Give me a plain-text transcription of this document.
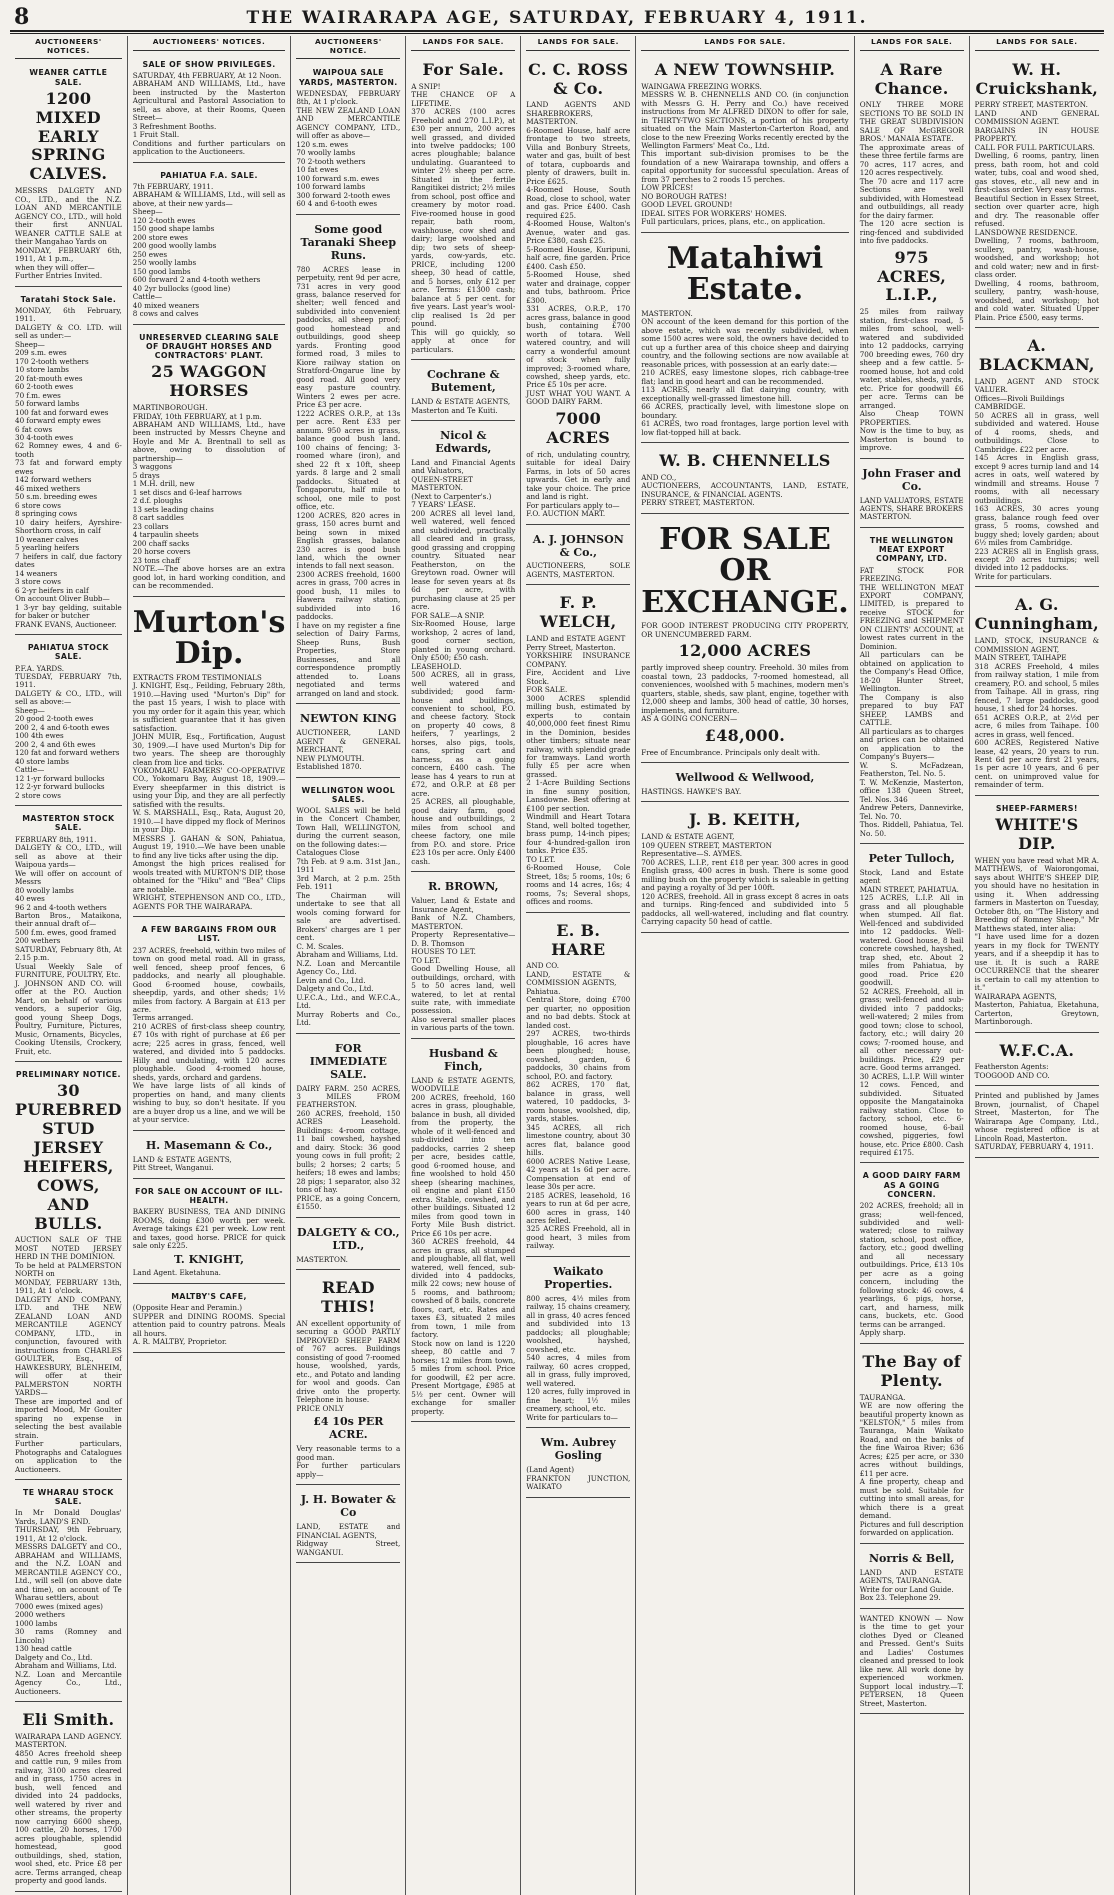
8	THE WAIRARAPA AGE, SATURDAY, FEBRUARY 4, 1911.
AUCTIONEERS' NOTICES.
WEANER CATTLE SALE.
1200 MIXED EARLY SPRING CALVES.

MESSRS DALGETY AND CO., LTD., and the N.Z. LOAN AND MERCANTILE AGENCY CO., LTD., will hold their first ANNUAL WEANER CATTLE SALE at their Mangahao Yards on

MONDAY, FEBRUARY 6th, 1911, At 1 p.m.,

when they will offer—

Further Entries Invited.

Taratahi Stock Sale.

MONDAY, 6th February, 1911.

DALGETY & CO. LTD. will sell as under:—

Sheep—

209 s.m. ewes

170 2-tooth wethers

10 store lambs

20 fat-mouth ewes

60 2-tooth ewes

70 f.m. ewes

50 forward lambs

100 fat and forward ewes

40 forward empty ewes

6 fat cows

30 4-tooth ewes

62 Romney ewes, 4 and 6-tooth

73 fat and forward empty ewes

142 forward wethers

46 mixed wethers

50 s.m. breeding ewes

6 store cows

8 springing cows

10 dairy heifers, Ayrshire-Shorthorn cross, in calf

10 weaner calves

5 yearling heifers

7 heifers in calf, due factory dates

14 weaners

3 store cows

6 2-yr heifers in calf

On account Oliver Bubb—

1 3-yr bay gelding, suitable for baker or butcher

FRANK EVANS, Auctioneer.

PAHIATUA STOCK SALE.

P.F.A. YARDS.

TUESDAY, FEBRUARY 7th, 1911.

DALGETY & CO., LTD., will sell as above:—

Sheep—

20 good 2-tooth ewes

200 2, 4 and 6-tooth ewes

100 4th ewes

200 2, 4 and 6th ewes

120 fat and forward wethers

40 store lambs

Cattle—

12 1-yr forward bullocks

12 2-yr forward bullocks

2 store cows

MASTERTON STOCK SALE.

FEBRUARY 8th, 1911.

DALGETY & CO., LTD., will sell as above at their Waipoua yards—

We will offer on account of Messrs

80 woolly lambs

40 ewes

96 2 and 4-tooth wethers

Barton Bros., Mataikona, their annual draft of—

500 f.m. ewes, good framed

200 wethers

SATURDAY, February 8th, At 2.15 p.m.

Usual Weekly Sale of FURNITURE, POULTRY, Etc.

J. JOHNSON AND CO. will offer at the P.O. Auction Mart, on behalf of various vendors, a superior Gig, good young Sheep Dogs, Poultry, Furniture, Pictures, Music, Ornaments, Bicycles, Cooking Utensils, Crockery, Fruit, etc.

PRELIMINARY NOTICE.
30 PUREBRED STUD JERSEY HEIFERS, COWS, AND BULLS.

AUCTION SALE OF THE MOST NOTED JERSEY HERD IN THE DOMINION.

To be held at PALMERSTON NORTH on

MONDAY, FEBRUARY 13th, 1911, At 1 o'clock.

DALGETY AND COMPANY, LTD. and THE NEW ZEALAND LOAN AND MERCANTILE AGENCY COMPANY, LTD., in conjunction, favoured with instructions from CHARLES GOULTER, Esq., of HAWKESBURY, BLENHEIM, will offer at their PALMERSTON NORTH YARDS—

These are imported and of imported Mood, Mr Goulter sparing no expense in selecting the best available strain.

Further particulars, Photographs and Catalogues on application to the Auctioneers.

TE WHARAU STOCK SALE.

In Mr Donald Douglas' Yards, LAND'S END.

THURSDAY, 9th February, 1911, At 12 o'clock.

MESSRS DALGETY and CO., ABRAHAM and WILLIAMS, and the N.Z. LOAN and MERCANTILE AGENCY CO., Ltd., will sell (on above date and time), on account of Te Wharau settlers, about

7000 ewes (mixed ages)

2000 wethers

1000 lambs

30 rams (Romney and Lincoln)

130 head cattle

Dalgety and Co., Ltd.

Abraham and Williams, Ltd.

N.Z. Loan and Mercantile Agency Co., Ltd., Auctioneers.

Eli Smith.

WAIRARAPA LAND AGENCY. MASTERTON.

4850 Acres freehold sheep and cattle run, 9 miles from railway, 3100 acres cleared and in grass, 1750 acres in bush, well fenced and divided into 24 paddocks, well watered by river and other streams, the property now carrying 6600 sheep, 100 cattle, 20 horses, 1700 acres ploughable, splendid homestead, good outbuildings, shed, station, wool shed, etc. Price £8 per acre. Terms arranged, cheap property and good lands.

AUCTIONEERS' NOTICES.
SALE OF SHOW PRIVILEGES.

SATURDAY, 4th FEBRUARY, At 12 Noon.

ABRAHAM AND WILLIAMS, Ltd., have been instructed by the Masterton Agricultural and Pastoral Association to sell, as above, at their Rooms, Queen Street—

3 Refreshment Booths.

1 Fruit Stall.

Conditions and further particulars on application to the Auctioneers.

PAHIATUA F.A. SALE.

7th FEBRUARY, 1911.

ABRAHAM & WILLIAMS, Ltd., will sell as above, at their new yards—

Sheep—

120 2-tooth ewes

150 good shape lambs

200 store ewes

200 good woolly lambs

250 ewes

250 woolly lambs

150 good lambs

600 forward 2 and 4-tooth wethers

40 2yr bullocks (good line)

Cattle—

40 mixed weaners

8 cows and calves

UNRESERVED CLEARING SALE OF DRAUGHT HORSES AND CONTRACTORS' PLANT.
25 WAGGON HORSES

MARTINBOROUGH.

FRIDAY, 10th FEBRUARY, at 1 p.m.

ABRAHAM AND WILLIAMS, Ltd., have been instructed by Messrs Cheyne and Hoyle and Mr A. Brentnall to sell as above, owing to dissolution of partnership—

3 waggons

5 drays

1 M.H. drill, new

1 set discs and 6-leaf harrows

2 d.f. ploughs

13 sets leading chains

8 cart saddles

23 collars

4 tarpaulin sheets

200 chaff sacks

20 horse covers

23 tons chaff

NOTE.—The above horses are an extra good lot, in hard working condition, and can be recommended.

Murton's Dip.

EXTRACTS FROM TESTIMONIALS

J. KNIGHT, Esq., Feilding, February 28th, 1910.—Having used "Murton's Dip" for the past 15 years, I wish to place with you my order for it again this year, which is sufficient guarantee that it has given satisfaction.

JOHN MUIR, Esq., Fortification, August 30, 1909.—I have used Murton's Dip for two years. The sheep are thoroughly clean from lice and ticks.

YOKOMARU FARMERS' CO-OPERATIVE CO., Yokomaru Bay, August 18, 1909.—Every sheepfarmer in this district is using your Dip, and they are all perfectly satisfied with the results.

W. S. MARSHALL, Esq., Rata, August 20, 1910.—I have dipped my flock of Merinos in your Dip.

MESSRS J. GAHAN & SON, Pahiatua, August 19, 1910.—We have been unable to find any live ticks after using the dip.

Amongst the high prices realised for wools treated with MURTON'S DIP, those obtained for the "Hiku" and "Bea" Clips are notable.

WRIGHT, STEPHENSON AND CO., LTD., AGENTS FOR THE WAIRARAPA.

A FEW BARGAINS FROM OUR LIST.

237 ACRES, freehold, within two miles of town on good metal road. All in grass, well fenced, sheep proof fences, 6 paddocks, and nearly all ploughable. Good 6-roomed house, cowbails, sheepdip, yards, and other sheds; 1½ miles from factory. A Bargain at £13 per acre.

Terms arranged.

210 ACRES of first-class sheep country, £7 10s with right of purchase at £6 per acre; 225 acres in grass, fenced, well watered, and divided into 5 paddocks. Hilly and undulating, with 120 acres ploughable. Good 4-roomed house, sheds, yards, orchard and gardens.

We have large lists of all kinds of properties on hand, and many clients wishing to buy, so don't hesitate. If you are a buyer drop us a line, and we will be at your service.

H. Masemann & Co.,

LAND & ESTATE AGENTS,

Pitt Street, Wanganui.

FOR SALE ON ACCOUNT OF ILL-HEALTH.

BAKERY BUSINESS, TEA AND DINING ROOMS, doing £300 worth per week. Average takings £21 per week. Low rent and taxes, good horse. PRICE for quick sale only £225.

T. KNIGHT,

Land Agent. Eketahuna.

MALTBY'S CAFE,

(Opposite Hear and Peramin.)

SUPPER and DINING ROOMS. Special attention paid to country patrons. Meals all hours.

A. R. MALTBY, Proprietor.

AUCTIONEERS' NOTICE.
WAIPOUA SALE YARDS, MASTERTON.

WEDNESDAY, FEBRUARY 8th, At 1 p'clock.

THE NEW ZEALAND LOAN AND MERCANTILE AGENCY COMPANY, LTD., will offer as above—

120 s.m. ewes

70 woolly lambs

70 2-tooth wethers

10 fat ewes

100 forward s.m. ewes

100 forward lambs

300 forward 2-tooth ewes

60 4 and 6-tooth ewes

Some good Taranaki Sheep Runs.

780 ACRES lease in perpetuity, rent 9d per acre, 731 acres in very good grass, balance reserved for shelter; well fenced and subdivided into convenient paddocks, all sheep proof; good homestead and outbuildings, good sheep yards. Fronting good formed road, 3 miles to Kiore railway station on Stratford-Ongarue line by good road. All good very easy pasture country. Winters 2 ewes per acre. Price £3 per acre.

1222 ACRES O.R.P., at 13s per acre. Rent £33 per annum. 950 acres in grass, balance good bush land. 100 chains of fencing; 3-roomed whare (iron), and shed 22 ft x 10ft, sheep yards. 8 large and 2 small paddocks. Situated at Tongaporutu, half mile to school, one mile to post office, etc.

1200 ACRES, 820 acres in grass, 150 acres burnt and being sown in mixed English grasses, balance 230 acres is good bush land, which the owner intends to fall next season.

2300 ACRES freehold, 1600 acres in grass, 700 acres in good bush, 11 miles to Hawera railway station, subdivided into 16 paddocks.

I have on my register a fine selection of Dairy Farms, Sheep Runs, Bush Properties, Store Businesses, and all correspondence promptly attended to. Loans negotiated and terms arranged on land and stock.

NEWTON KING

AUCTIONEER, LAND AGENT & GENERAL MERCHANT,

NEW PLYMOUTH.

Established 1870.

WELLINGTON WOOL SALES.

WOOL SALES will be held in the Concert Chamber, Town Hall, WELLINGTON, during the current season, on the following dates:—

Catalogues Close

7th Feb. at 9 a.m. 31st Jan., 1911

3rd March, at 2 p.m. 25th Feb. 1911

The Chairman will undertake to see that all wools coming forward for sale are advertised. Brokers' charges are 1 per cent.

C. M. Scales.

Abraham and Williams, Ltd.

N.Z. Loan and Mercantile Agency Co., Ltd.

Levin and Co., Ltd.

Dalgety and Co., Ltd.

U.F.C.A., Ltd., and W.F.C.A., Ltd.

Murray Roberts and Co., Ltd.

FOR IMMEDIATE SALE.

DAIRY FARM. 250 ACRES, 3 MILES FROM FEATHERSTON.

260 ACRES, freehold, 150 ACRES Leasehold. Buildings: 4-room cottage, 11 bail cowshed, hayshed and dairy. Stock: 36 good young cows in full profit; 2 bulls; 2 horses; 2 carts; 5 heifers; 18 ewes and lambs; 28 pigs; 1 separator, also 32 tons of hay.

PRICE, as a going Concern, £1550.

DALGETY & CO., LTD.,

MASTERTON.

READ THIS!

AN excellent opportunity of securing a GOOD PARTLY IMPROVED SHEEP FARM of 767 acres. Buildings consisting of good 7-roomed house, woolshed, yards, etc., and Potato and landing for wool and goods. Can drive onto the property. Telephone in house.

PRICE ONLY

£4 10s PER ACRE.

Very reasonable terms to a good man.

For further particulars apply—

J. H. Bowater & Co

LAND, ESTATE and FINANCIAL AGENTS,

Ridgway Street, WANGANUI.

LANDS FOR SALE.
For Sale.

A SNIP!

THE CHANCE OF A LIFETIME.

370 ACRES (100 acres Freehold and 270 L.I.P.), at £30 per annum, 200 acres well grassed, and divided into twelve paddocks; 100 acres ploughable; balance undulating. Guaranteed to winter 2½ sheep per acre. Situated in the fertile Rangitikei district; 2½ miles from school, post office and creamery by motor road. Five-roomed house in good repair, bath room, washhouse, cow shed and dairy; large woolshed and dip; two sets of sheep-yards, cow-yards, etc. PRICE, including 1200 sheep, 30 head of cattle, and 5 horses, only £12 per acre. Terms: £1300 cash; balance at 5 per cent. for five years. Last year's wool-clip realised 1s 2d per pound.

This will go quickly, so apply at once for particulars.

Cochrane & Butement,

LAND & ESTATE AGENTS,

Masterton and Te Kuiti.

Nicol & Edwards,

Land and Financial Agents and Valuators,

QUEEN-STREET MASTERTON.

(Next to Carpenter's.)

7 YEARS' LEASE.

200 ACRES all level land, well watered, well fenced and subdivided, practically all cleared and in grass, good grassing and cropping country. Situated near Featherston, on the Greytown road. Owner will lease for seven years at 8s 6d per acre, with purchasing clause at 25 per acre.

FOR SALE—A SNIP.

Six-Roomed House, large workshop, 2 acres of land, good corner section, planted in young orchard. Only £500; £50 cash.

LEASEHOLD.

500 ACRES, all in grass, well watered and subdivided; good farm-house and buildings, convenient to school, P.O. and cheese factory. Stock on property 40 cows, 8 heifers, 7 yearlings, 2 horses, also pigs, tools, cans, spring cart and harness, as a going concern, £400 cash. The lease has 4 years to run at £72, and O.R.P. at £8 per acre.

25 ACRES, all ploughable, good dairy farm, good house and outbuildings, 2 miles from school and cheese factory, one mile from P.O. and store. Price £23 10s per acre. Only £400 cash.

R. BROWN,

Valuer, Land & Estate and Insurance Agent,

Bank of N.Z. Chambers, MASTERTON.

Property Representative—D. B. Thomson

HOUSES TO LET.

TO LET.

Good Dwelling House, all outbuildings, orchard, with 5 to 50 acres land, well watered, to let at rental suite rate, with immediate possession.

Also several smaller places in various parts of the town.

Husband & Finch,

LAND & ESTATE AGENTS, WOODVILLE

200 ACRES, freehold, 160 acres in grass, ploughable, balance in bush, all divided from the property, the whole of it well-fenced and sub-divided into ten paddocks, carries 2 sheep per acre, besides cattle, good 6-roomed house, and fine woolshed to hold 450 sheep (shearing machines, oil engine and plant £150 extra. Stable, cowshed, and other buildings. Situated 12 miles from good town in Forty Mile Bush district. Price £6 10s per acre.

360 ACRES freehold, 44 acres in grass, all stumped and ploughable, all flat, well watered, well fenced, sub-divided into 4 paddocks, milk 22 cows; new house of 5 rooms, and bathroom; cowshed of 8 bails, concrete floors, cart, etc. Rates and taxes £3, situated 2 miles from town, 1 mile from factory.

Stock now on land is 1220 sheep, 80 cattle and 7 horses; 12 miles from town, 5 miles from school. Price for goodwill, £2 per acre. Present Mortgage, £985 at 5½ per cent. Owner will exchange for smaller property.

LANDS FOR SALE.
C. C. ROSS & Co.

LAND AGENTS AND SHAREBROKERS, MASTERTON.

6-Roomed House, half acre frontage to two streets, Villa and Bonbury Streets, water and gas, built of best of totara, cupboards and plenty of drawers, built in. Price £625.

4-Roomed House, South Road, close to school, water and gas. Price £400. Cash required £25.

4-Roomed House, Walton's Avenue, water and gas. Price £380, cash £25.

5-Roomed House, Kuripuni, half acre, fine garden. Price £400. Cash £50.

5-Roomed House, shed water and drainage, copper and tubs, bathroom. Price £300.

331 ACRES, O.R.P., 170 acres grass, balance in good bush, containing £700 worth of totara. Well watered country, and will carry a wonderful amount of stock when fully improved; 3-roomed whare, cowshed, sheep yards, etc. Price £5 10s per acre.

JUST WHAT YOU WANT. A GOOD DAIRY FARM.

7000 ACRES

of rich, undulating country, suitable for ideal Dairy Farms, in lots of 50 acres upwards. Get in early and take your choice. The price and land is right.

For particulars apply to—

F.O. AUCTION MART.

A. J. JOHNSON & Co.,

AUCTIONEERS, SOLE AGENTS, MASTERTON.

F. P. WELCH,

LAND and ESTATE AGENT

Perry Street, Masterton.

YORKSHIRE INSURANCE COMPANY.

Fire, Accident and Live Stock.

FOR SALE.

3000 ACRES splendid milling bush, estimated by experts to contain 40,000,000 feet finest Rimu in the Dominion, besides other timbers; situate near railway, with splendid grade for tramways. Land worth fully £5 per acre when grassed.

2 1-Acre Building Sections in fine sunny position, Lansdowne. Best offering at £100 per section.

Windmill and Heart Totara Stand, well bolted together, brass pump, 14-inch pipes; four 4-hundred-gallon iron tanks. Price £35.

TO LET.

6-Roomed House, Cole Street, 18s; 5 rooms, 10s; 6 rooms and 14 acres, 16s; 4 rooms, 7s; Several shops, offices and rooms.

E. B. HARE

AND CO.

LAND, ESTATE & COMMISSION AGENTS,

Pahiatua.

Central Store, doing £700 per quarter, no opposition and no bad debts. Stock at landed cost.

297 ACRES, two-thirds ploughable, 16 acres have been ploughed; house, cowshed, garden, 6 paddocks, 30 chains from school, P.O. and factory.

862 ACRES, 170 flat, balance in grass, well watered, 10 paddocks, 3-room house, woolshed, dip, yards, stables.

345 ACRES, all rich limestone country, about 30 acres flat, balance good hills.

6000 ACRES Native Lease, 42 years at 1s 6d per acre. Compensation at end of lease 30s per acre.

2185 ACRES, leasehold, 16 years to run at 6d per acre, 600 acres in grass, 140 acres felled.

325 ACRES Freehold, all in good heart, 3 miles from railway.

Waikato Properties.

800 acres, 4½ miles from railway, 15 chains creamery, all in grass, 40 acres fenced and subdivided into 13 paddocks; all ploughable; woolshed, hayshed, cowshed, etc.

540 acres, 4 miles from railway, 60 acres cropped, all in grass, fully improved, well watered.

120 acres, fully improved in fine heart; 1½ miles creamery, school, etc.

Write for particulars to—

Wm. Aubrey Gosling

(Land Agent)

FRANKTON JUNCTION, WAIKATO

LANDS FOR SALE.
A NEW TOWNSHIP.

WAINGAWA FREEZING WORKS.

MESSRS W. B. CHENNELLS AND CO. (in conjunction with Messrs G. H. Perry and Co.) have received instructions from Mr ALFRED DIXON to offer for sale, in THIRTY-TWO SECTIONS, a portion of his property situated on the Main Masterton-Carterton Road, and close to the new Freezing Works recently erected by the Wellington Farmers' Meat Co., Ltd.

This important sub-division promises to be the foundation of a new Wairarapa township, and offers a capital opportunity for successful speculation. Areas of from 37 perches to 2 roods 15 perches.

LOW PRICES!

NO BOROUGH RATES!

GOOD LEVEL GROUND!

IDEAL SITES FOR WORKERS' HOMES.

Full particulars, prices, plans, etc., on application.

Matahiwi Estate.

MASTERTON.

ON account of the keen demand for this portion of the above estate, which was recently subdivided, when some 1500 acres were sold, the owners have decided to cut up a further area of this choice sheep and dairying country, and the following sections are now available at reasonable prices, with possession at an early date:—

210 ACRES, easy limestone slopes, rich cabbage-tree flat; land in good heart and can be recommended.

113 ACRES, nearly all flat dairying country, with exceptionally well-grassed limestone hill.

66 ACRES, practically level, with limestone slope on boundary.

61 ACRES, two road frontages, large portion level with low flat-topped hill at back.

W. B. CHENNELLS

AND CO.,

AUCTIONEERS, ACCOUNTANTS, LAND, ESTATE, INSURANCE, & FINANCIAL AGENTS.

PERRY STREET, MASTERTON.

FOR SALE OR EXCHANGE.

FOR GOOD INTEREST PRODUCING CITY PROPERTY, OR UNENCUMBERED FARM.

12,000 ACRES

partly improved sheep country. Freehold. 30 miles from coastal town, 23 paddocks, 7-roomed homestead, all conveniences, woolshed with 5 machines, modern men's quarters, stable, sheds, saw plant, engine, together with 12,000 sheep and lambs, 300 head of cattle, 30 horses, implements, and furniture.

AS A GOING CONCERN—

£48,000.

Free of Encumbrance. Principals only dealt with.

Wellwood & Wellwood,

HASTINGS. HAWKE'S BAY.

J. B. KEITH,

LAND & ESTATE AGENT,

109 QUEEN STREET, MASTERTON

Representative—S. AYMES.

700 ACRES, L.I.P., rent £18 per year. 300 acres in good English grass, 400 acres in bush. There is some good milling bush on the property which is saleable in getting and paying a royalty of 3d per 100ft.

120 ACRES, freehold. All in grass except 8 acres in oats and turnips. Ring-fenced and subdivided into 5 paddocks, all well-watered, including and flat country. Carrying capacity 50 head of cattle.

LANDS FOR SALE.
A Rare Chance.

ONLY THREE MORE SECTIONS TO BE SOLD IN THE GREAT SUBDIVISION SALE OF McGREGOR BROS.' MANAIA ESTATE.

The approximate areas of these three fertile farms are 70 acres, 117 acres, and 120 acres respectively.

The 70 acre and 117 acre Sections are well subdivided, with Homestead and outbuildings, all ready for the dairy farmer.

The 120 acre section is ring-fenced and subdivided into five paddocks.

975 ACRES, L.I.P.,

25 miles from railway station, first-class road, 5 miles from school, well-watered and subdivided into 12 paddocks, carrying 700 breeding ewes, 760 dry sheep and a few cattle. 5-roomed house, hot and cold water, stables, sheds, yards, etc. Price for goodwill £6 per acre. Terms can be arranged.

Also Cheap TOWN PROPERTIES.

Now is the time to buy, as Masterton is bound to improve.

John Fraser and Co.

LAND VALUATORS, ESTATE AGENTS, SHARE BROKERS

MASTERTON.

THE WELLINGTON MEAT EXPORT COMPANY, LTD.

FAT STOCK FOR FREEZING.

THE WELLINGTON MEAT EXPORT COMPANY, LIMITED, is prepared to receive STOCK for FREEZING and SHIPMENT ON CLIENTS' ACCOUNT, at lowest rates current in the Dominion.

All particulars can be obtained on application to the Company's Head Office, 18-20 Hunter Street, Wellington.

The Company is also prepared to buy FAT SHEEP, LAMBS and CATTLE.

All particulars as to charges and prices can be obtained on application to the Company's Buyers—

W. S. McFadzean, Featherston, Tel. No. 5.

T. W. McKenzie, Masterton, office 138 Queen Street, Tel. Nos. 346

Andrew Peters, Dannevirke, Tel. No. 70.

Thos. Riddell, Pahiatua, Tel. No. 50.

Peter Tulloch,

Stock, Land and Estate agent

MAIN STREET, PAHIATUA.

125 ACRES, L.I.P. All in grass and all ploughable when stumped. All flat. Well-fenced and subdivided into 12 paddocks. Well-watered. Good house, 8 bail concrete cowshed, hayshed, trap shed, etc. About 2 miles from Pahiatua, by good road. Price £20 goodwill.

52 ACRES, Freehold, all in grass; well-fenced and sub-divided into 7 paddocks; well-watered; 2 miles from good town; close to school, factory, etc.; will dairy 20 cows; 7-roomed house, and all other necessary out-buildings. Price, £29 per acre. Good terms arranged.

30 ACRES, L.I.P. Will winter 12 cows. Fenced, and subdivided. Situated opposite the Mangatainoka railway station. Close to factory, school, etc. 6-roomed house, 6-bail cowshed, piggeries, fowl house, etc. Price £800. Cash required £175.

A GOOD DAIRY FARM AS A GOING CONCERN.

202 ACRES, freehold; all in grass; well-fenced, subdivided and well-watered; close to railway station, school, post office, factory, etc.; good dwelling and all necessary outbuildings. Price, £13 10s per acre as a going concern, including the following stock: 46 cows, 4 yearlings, 6 pigs, horse, cart, and harness, milk cans, buckets, etc. Good terms can be arranged.

Apply sharp.

The Bay of Plenty.

TAURANGA.

WE are now offering the beautiful property known as "KELSTON," 5 miles from Tauranga, Main Waikato Road, and on the banks of the fine Wairoa River; 636 Acres; £25 per acre, or 330 acres without buildings, £11 per acre.

A fine property, cheap and must be sold. Suitable for cutting into small areas, for which there is a great demand.

Pictures and full description forwarded on application.

Norris & Bell,

LAND AND ESTATE AGENTS, TAURANGA.

Write for our Land Guide.

Box 23. Telephone 29.

WANTED KNOWN — Now is the time to get your clothes Dyed or Cleaned and Pressed. Gent's Suits and Ladies' Costumes cleaned and pressed to look like new. All work done by experienced workmen. Support local industry.—T. PETERSEN, 18 Queen Street, Masterton.

LANDS FOR SALE.
W. H. Cruickshank,

PERRY STREET, MASTERTON.

LAND AND GENERAL COMMISSION AGENT.

BARGAINS IN HOUSE PROPERTY.

CALL FOR FULL PARTICULARS.

Dwelling, 6 rooms, pantry, linen press, bath room, hot and cold water, tubs, coal and wood shed, gas stoves, etc., all new and in first-class order. Very easy terms.

Beautiful Section in Essex Street, section over quarter acre, high and dry. The reasonable offer refused.

LANSDOWNE RESIDENCE.

Dwelling, 7 rooms, bathroom, scullery, pantry, wash-house, woodshed, and workshop; hot and cold water; new and in first-class order.

Dwelling, 4 rooms, bathroom, scullery, pantry, wash-house, woodshed, and workshop; hot and cold water. Situated Upper Plain. Price £500, easy terms.

A. BLACKMAN,

LAND AGENT AND STOCK VALUER.

Offices—Rivoli Buildings

CAMBRIDGE.

50 ACRES all in grass, well subdivided and watered. House of 4 rooms, sheds, and outbuildings. Close to Cambridge. £22 per acre.

145 Acres in English grass, except 9 acres turnip land and 14 acres in oats, well watered by windmill and streams. House 7 rooms, with all necessary outbuildings.

163 ACRES, 30 acres young grass, balance rough feed over grass, 5 rooms, cowshed and buggy shed; lovely garden; about 6½ miles from Cambridge.

223 ACRES all in English grass, except 20 acres turnips; well divided into 12 paddocks.

Write for particulars.

A. G. Cunningham,

LAND, STOCK, INSURANCE & COMMISSION AGENT,

MAIN STREET, TAIHAPE

318 ACRES Freehold, 4 miles from railway station, 1 mile from creamery, P.O. and school, 5 miles from Taihape. All in grass, ring fenced, 7 large paddocks, good house, 1 shed for 24 horses.

651 ACRES O.R.P., at 2½d per acre, 6 miles from Taihape. 100 acres in grass, well fenced.

600 ACRES, Registered Native lease, 42 years, 20 years to run. Rent 6d per acre first 21 years, 1s per acre 10 years, and 6 per cent. on unimproved value for remainder of term.

SHEEP-FARMERS!
WHITE'S DIP.

WHEN you have read what MR A. MATTHEWS, of Waiorongomai, says about WHITE'S SHEEP DIP, you should have no hesitation in using it. When addressing farmers in Masterton on Tuesday, October 8th, on "The History and Breeding of Romney Sheep," Mr Matthews stated, inter alia:

"I have used lime for a dozen years in my flock for TWENTY years, and if a sheepdip it has to use it. It is such a RARE OCCURRENCE that the shearer is certain to call my attention to it."

WAIRARAPA AGENTS,

Masterton, Pahiatua, Eketahuna, Carterton, Greytown, Martinborough.

W.F.C.A.

Featherston Agents:

TOOGOOD AND CO.

Printed and published by James Brown, journalist, of Chapel Street, Masterton, for The Wairarapa Age Company, Ltd., whose registered office is at Lincoln Road, Masterton.

SATURDAY, FEBRUARY 4, 1911.
